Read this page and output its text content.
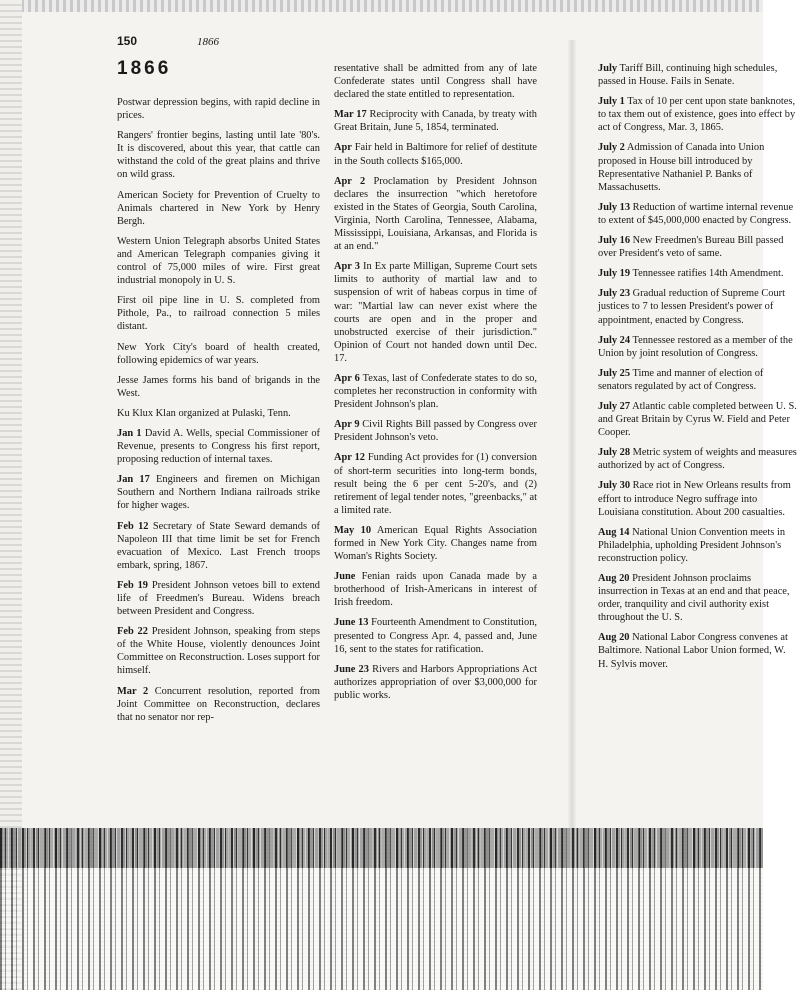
150	1866
1866
Postwar depression begins, with rapid decline in prices.
Rangers' frontier begins, lasting until late '80's. It is discovered, about this year, that cattle can withstand the cold of the great plains and thrive on wild grass.
American Society for Prevention of Cruelty to Animals chartered in New York by Henry Bergh.
Western Union Telegraph absorbs United States and American Telegraph companies giving it control of 75,000 miles of wire. First great industrial monopoly in U. S.
First oil pipe line in U. S. completed from Pithole, Pa., to railroad connection 5 miles distant.
New York City's board of health created, following epidemics of war years.
Jesse James forms his band of brigands in the West.
Ku Klux Klan organized at Pulaski, Tenn.
Jan 1 David A. Wells, special Commissioner of Revenue, presents to Congress his first report, proposing reduction of internal taxes.
Jan 17 Engineers and firemen on Michigan Southern and Northern Indiana railroads strike for higher wages.
Feb 12 Secretary of State Seward demands of Napoleon III that time limit be set for French evacuation of Mexico. Last French troops embark, spring, 1867.
Feb 19 President Johnson vetoes bill to extend life of Freedmen's Bureau. Widens breach between President and Congress.
Feb 22 President Johnson, speaking from steps of the White House, violently denounces Joint Committee on Reconstruction. Loses support for himself.
Mar 2 Concurrent resolution, reported from Joint Committee on Reconstruction, declares that no senator nor rep-
resentative shall be admitted from any of late Confederate states until Congress shall have declared the state entitled to representation.
Mar 17 Reciprocity with Canada, by treaty with Great Britain, June 5, 1854, terminated.
Apr Fair held in Baltimore for relief of destitute in the South collects $165,000.
Apr 2 Proclamation by President Johnson declares the insurrection "which heretofore existed in the States of Georgia, South Carolina, Virginia, North Carolina, Tennessee, Alabama, Mississippi, Louisiana, Arkansas, and Florida is at an end."
Apr 3 In Ex parte Milligan, Supreme Court sets limits to authority of martial law and to suspension of writ of habeas corpus in time of war: "Martial law can never exist where the courts are open and in the proper and unobstructed exercise of their jurisdiction." Opinion of Court not handed down until Dec. 17.
Apr 6 Texas, last of Confederate states to do so, completes her reconstruction in conformity with President Johnson's plan.
Apr 9 Civil Rights Bill passed by Congress over President Johnson's veto.
Apr 12 Funding Act provides for (1) conversion of short-term securities into long-term bonds, result being the 6 per cent 5-20's, and (2) retirement of legal tender notes, "greenbacks," at a limited rate.
May 10 American Equal Rights Association formed in New York City. Changes name from Woman's Rights Society.
June Fenian raids upon Canada made by a brotherhood of Irish-Americans in interest of Irish freedom.
June 13 Fourteenth Amendment to Constitution, presented to Congress Apr. 4, passed and, June 16, sent to the states for ratification.
June 23 Rivers and Harbors Appropriations Act authorizes appropriation of over $3,000,000 for public works.
July Tariff Bill, continuing high schedules, passed in House. Fails in Senate.
July 1 Tax of 10 per cent upon state banknotes, to tax them out of existence, goes into effect by act of Congress, Mar. 3, 1865.
July 2 Admission of Canada into Union proposed in House bill introduced by Representative Nathaniel P. Banks of Massachusetts.
July 13 Reduction of wartime internal revenue to extent of $45,000,000 enacted by Congress.
July 16 New Freedmen's Bureau Bill passed over President's veto of same.
July 19 Tennessee ratifies 14th Amendment.
July 23 Gradual reduction of Supreme Court justices to 7 to lessen President's power of appointment, enacted by Congress.
July 24 Tennessee restored as a member of the Union by joint resolution of Congress.
July 25 Time and manner of election of senators regulated by act of Congress.
July 27 Atlantic cable completed between U. S. and Great Britain by Cyrus W. Field and Peter Cooper.
July 28 Metric system of weights and measures authorized by act of Congress.
July 30 Race riot in New Orleans results from effort to introduce Negro suffrage into Louisiana constitution. About 200 casualties.
Aug 14 National Union Convention meets in Philadelphia, upholding President Johnson's reconstruction policy.
Aug 20 President Johnson proclaims insurrection in Texas at an end and that peace, order, tranquility and civil authority exist throughout the U. S.
Aug 20 National Labor Congress convenes at Baltimore. National Labor Union formed, W. H. Sylvis mover.
